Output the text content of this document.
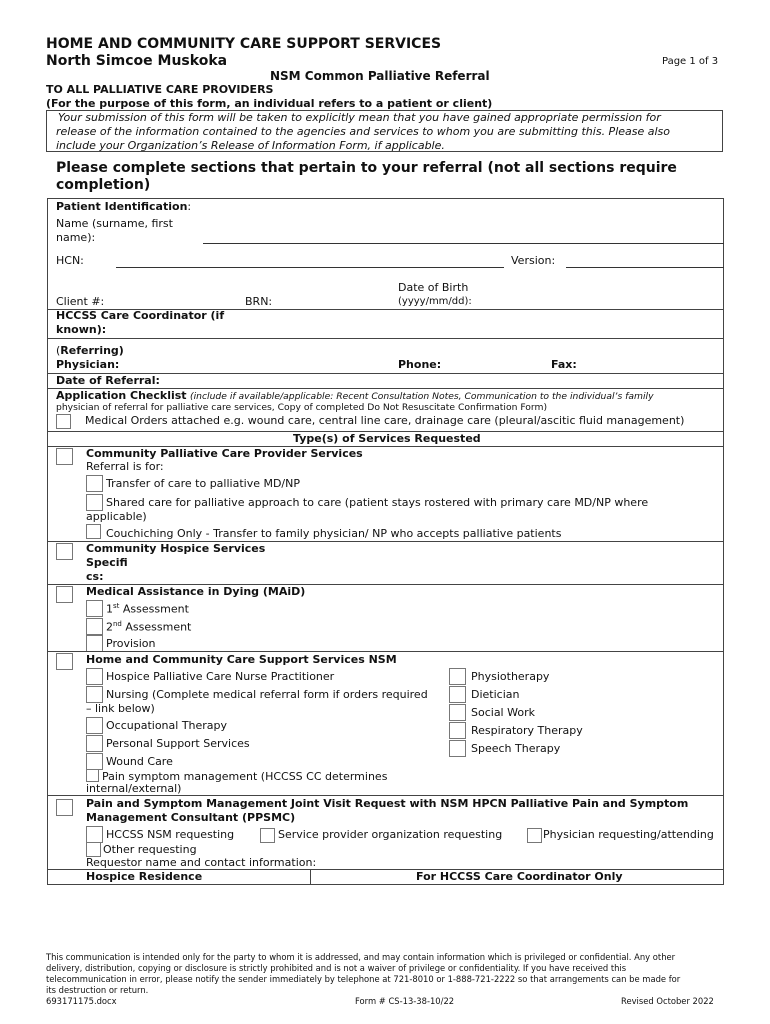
HOME AND COMMUNITY CARE SUPPORT SERVICES
North Simcoe Muskoka	Page 1 of 3
NSM Common Palliative Referral
TO ALL PALLIATIVE CARE PROVIDERS
(For the purpose of this form, an individual refers to a patient or client)
Your submission of this form will be taken to explicitly mean that you have gained appropriate permission for
release of the information contained to the agencies and services to whom you are submitting this. Please also
include your Organization’s Release of Information Form, if applicable.
Please complete sections that pertain to your referral (not all sections require
completion)
Patient Identification:
Name (surname, first
name):
HCN:	Version:
Date of Birth
(yyyy/mm/dd):
Client #:	BRN:
HCCSS Care Coordinator (if
known):
(Referring)
Physician:	Phone:	Fax:
Date of Referral:
Application Checklist (include if available/applicable: Recent Consultation Notes, Communication to the individual’s family
physician of referral for palliative care services, Copy of completed Do Not Resuscitate Confirmation Form)
Medical Orders attached e.g. wound care, central line care, drainage care (pleural/ascitic fluid management)
Type(s) of Services Requested
Community Palliative Care Provider Services
Referral is for:
Transfer of care to palliative MD/NP
Shared care for palliative approach to care (patient stays rostered with primary care MD/NP where
applicable)
Couchiching Only - Transfer to family physician/ NP who accepts palliative patients
Community Hospice Services
Specifi
cs:
Medical Assistance in Dying (MAiD)
1st Assessment
2nd Assessment
Provision
Home and Community Care Support Services NSM
Hospice Palliative Care Nurse Practitioner
Nursing (Complete medical referral form if orders required
– link below)
Occupational Therapy
Personal Support Services
Wound Care
Pain symptom management (HCCSS CC determines
internal/external)
Physiotherapy
Dietician
Social Work
Respiratory Therapy
Speech Therapy
Pain and Symptom Management Joint Visit Request with NSM HPCN Palliative Pain and Symptom
Management Consultant (PPSMC)
HCCSS NSM requesting	Service provider organization requesting	Physician requesting/attending
Other requesting
Requestor name and contact information:
Hospice Residence	For HCCSS Care Coordinator Only
This communication is intended only for the party to whom it is addressed, and may contain information which is privileged or confidential. Any other
delivery, distribution, copying or disclosure is strictly prohibited and is not a waiver of privilege or confidentiality. If you have received this
telecommunication in error, please notify the sender immediately by telephone at 721-8010 or 1-888-721-2222 so that arrangements can be made for
its destruction or return.
693171175.docx	Form # CS-13-38-10/22	Revised October 2022
